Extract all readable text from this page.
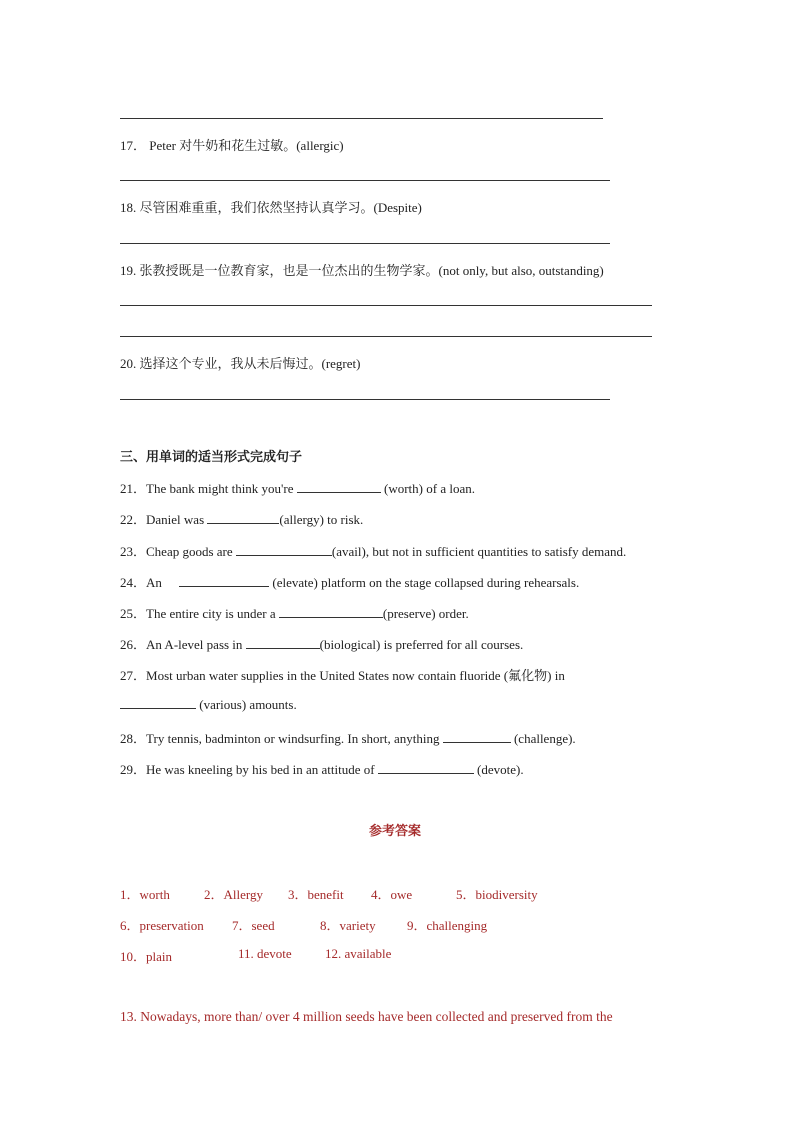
17． Peter 对牛奶和花生过敏。(allergic)
18. 尽管困难重重，我们依然坚持认真学习。(Despite)
19. 张教授既是一位教育家，也是一位杰出的生物学家。(not only, but also, outstanding)
20. 选择这个专业，我从未后悔过。(regret)
三、用单词的适当形式完成句子
21．The bank might think you're	(worth) of a loan.
22．Daniel was	(allergy) to risk.
23．Cheap goods are	(avail), but not in sufficient quantities to satisfy demand.
24．An	(elevate) platform on the stage collapsed during rehearsals.
25．The entire city is under a	(preserve) order.
26．An A-level pass in	(biological) is preferred for all courses.
27．Most urban water supplies in the United States now contain fluoride (氟化物) in
(various) amounts.
28．Try tennis, badminton or windsurfing. In short, anything	(challenge).
29．He was kneeling by his bed in an attitude of	(devote).
参考答案
1．worth	2．Allergy 3．benefit 4．owe	5．biodiversity
6．preservation 7．seed	8．variety 9．challenging
10．plain	11. devote	12. available
13. Nowadays, more than/ over 4 million seeds have been collected and preserved from the
